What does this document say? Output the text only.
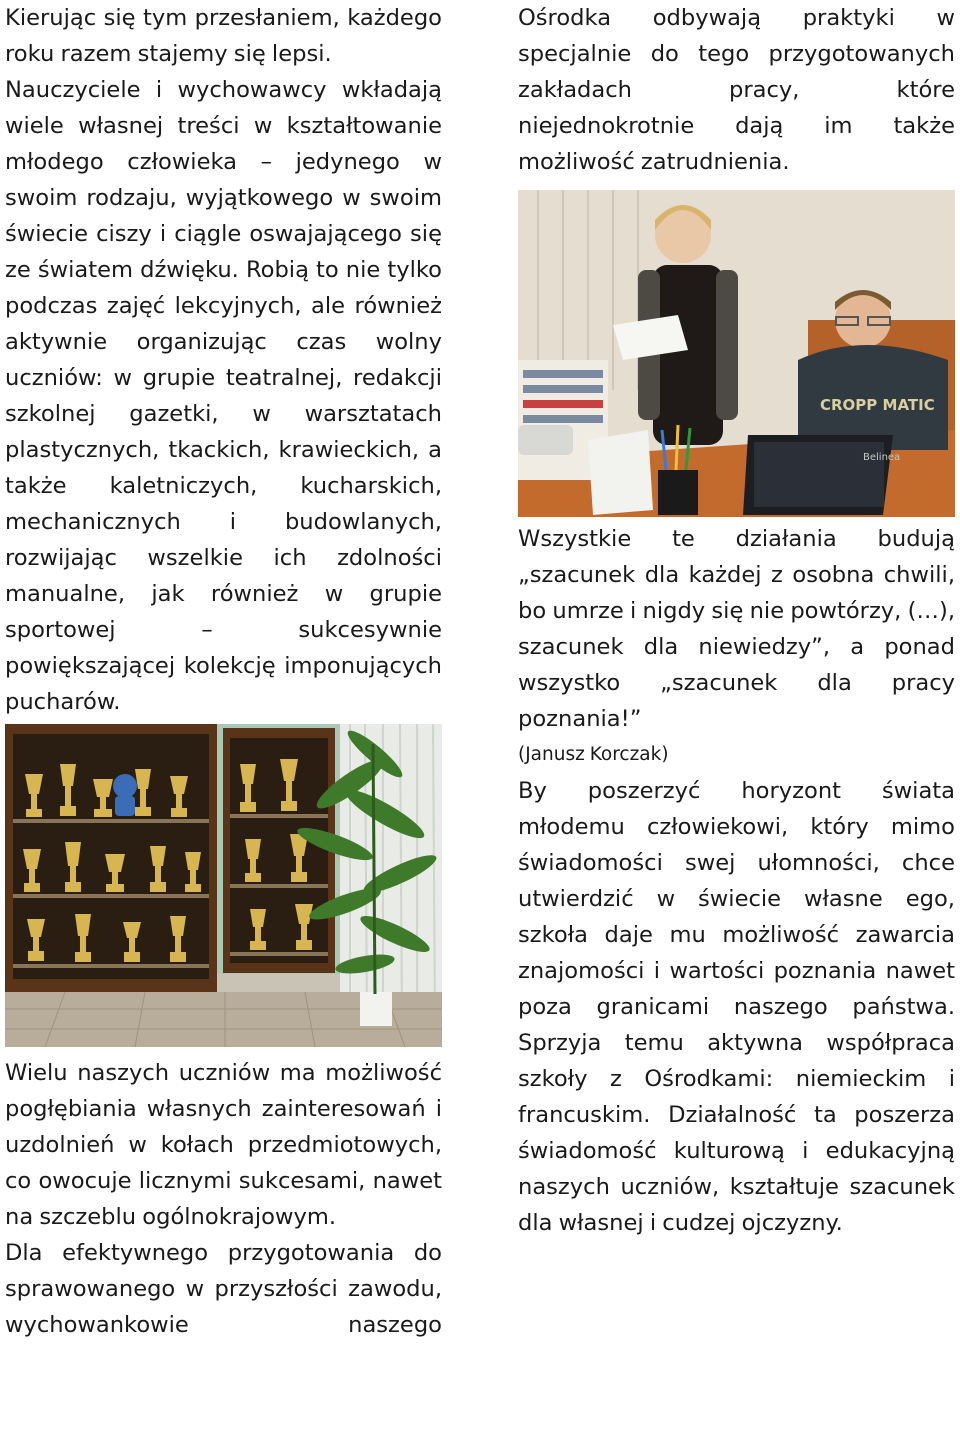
Kierując się tym przesłaniem, każdego roku razem stajemy się lepsi.

Nauczyciele i wychowawcy wkładają wiele własnej treści w kształtowanie młodego człowieka – jedynego w swoim rodzaju, wyjątkowego w swoim świecie ciszy i ciągle oswajającego się ze światem dźwięku. Robią to nie tylko podczas zajęć lekcyjnych, ale również aktywnie organizując czas wolny uczniów: w grupie teatralnej, redakcji szkolnej gazetki, w warsztatach plastycznych, tkackich, krawieckich, a także kaletniczych, kucharskich, mechanicznych i budowlanych, rozwijając wszelkie ich zdolności manualne, jak również w grupie sportowej – sukcesywnie powiększającej kolekcję imponujących pucharów.

Wielu naszych uczniów ma możliwość pogłębiania własnych zainteresowań i uzdolnień w kołach przedmiotowych, co owocuje licznymi sukcesami, nawet na szczeblu ogólnokrajowym.

Dla efektywnego przygotowania do sprawowanego w przyszłości zawodu, wychowankowie naszego

Ośrodka odbywają praktyki w specjalnie do tego przygotowanych zakładach pracy, które niejednokrotnie dają im także możliwość zatrudnienia.

CROPP MATIC
Belinea

Wszystkie te działania budują „szacunek dla każdej z osobna chwili, bo umrze i nigdy się nie powtórzy, (…), szacunek dla niewiedzy”, a ponad wszystko „szacunek dla pracy poznania!”

(Janusz Korczak)

By poszerzyć horyzont świata młodemu człowiekowi, który mimo świadomości swej ułomności, chce utwierdzić w świecie własne ego, szkoła daje mu możliwość zawarcia znajomości i wartości poznania nawet poza granicami naszego państwa. Sprzyja temu aktywna współpraca szkoły z Ośrodkami: niemieckim i francuskim. Działalność ta poszerza świadomość kulturową i edukacyjną naszych uczniów, kształtuje szacunek dla własnej i cudzej ojczyzny.
